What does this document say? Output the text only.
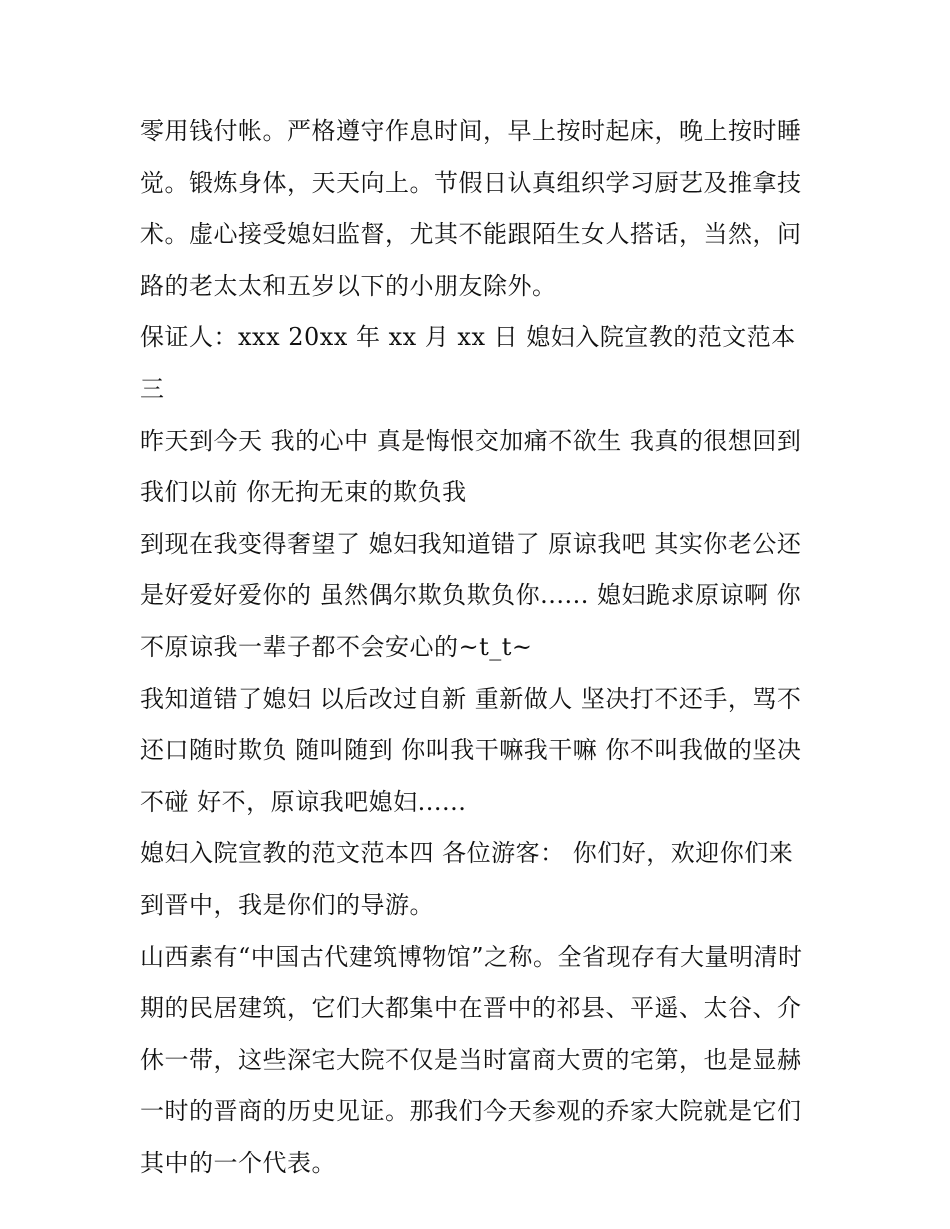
零用钱付帐。严格遵守作息时间，早上按时起床，晚上按时睡觉。锻炼身体，天天向上。节假日认真组织学习厨艺及推拿技术。虚心接受媳妇监督，尤其不能跟陌生女人搭话，当然，问路的老太太和五岁以下的小朋友除外。

保证人：xxx 20xx 年 xx 月 xx 日 媳妇入院宣教的范文范本三

昨天到今天 我的心中 真是悔恨交加痛不欲生 我真的很想回到我们以前 你无拘无束的欺负我

到现在我变得奢望了 媳妇我知道错了 原谅我吧 其实你老公还是好爱好爱你的 虽然偶尔欺负欺负你...... 媳妇跪求原谅啊 你不原谅我一辈子都不会安心的~t_t~

我知道错了媳妇 以后改过自新 重新做人 坚决打不还手，骂不还口随时欺负 随叫随到 你叫我干嘛我干嘛 你不叫我做的坚决不碰 好不，原谅我吧媳妇......

媳妇入院宣教的范文范本四 各位游客： 你们好，欢迎你们来到晋中，我是你们的导游。

山西素有“中国古代建筑博物馆”之称。全省现存有大量明清时期的民居建筑，它们大都集中在晋中的祁县、平遥、太谷、介休一带，这些深宅大院不仅是当时富商大贾的宅第，也是显赫一时的晋商的历史见证。那我们今天参观的乔家大院就是它们其中的一个代表。
